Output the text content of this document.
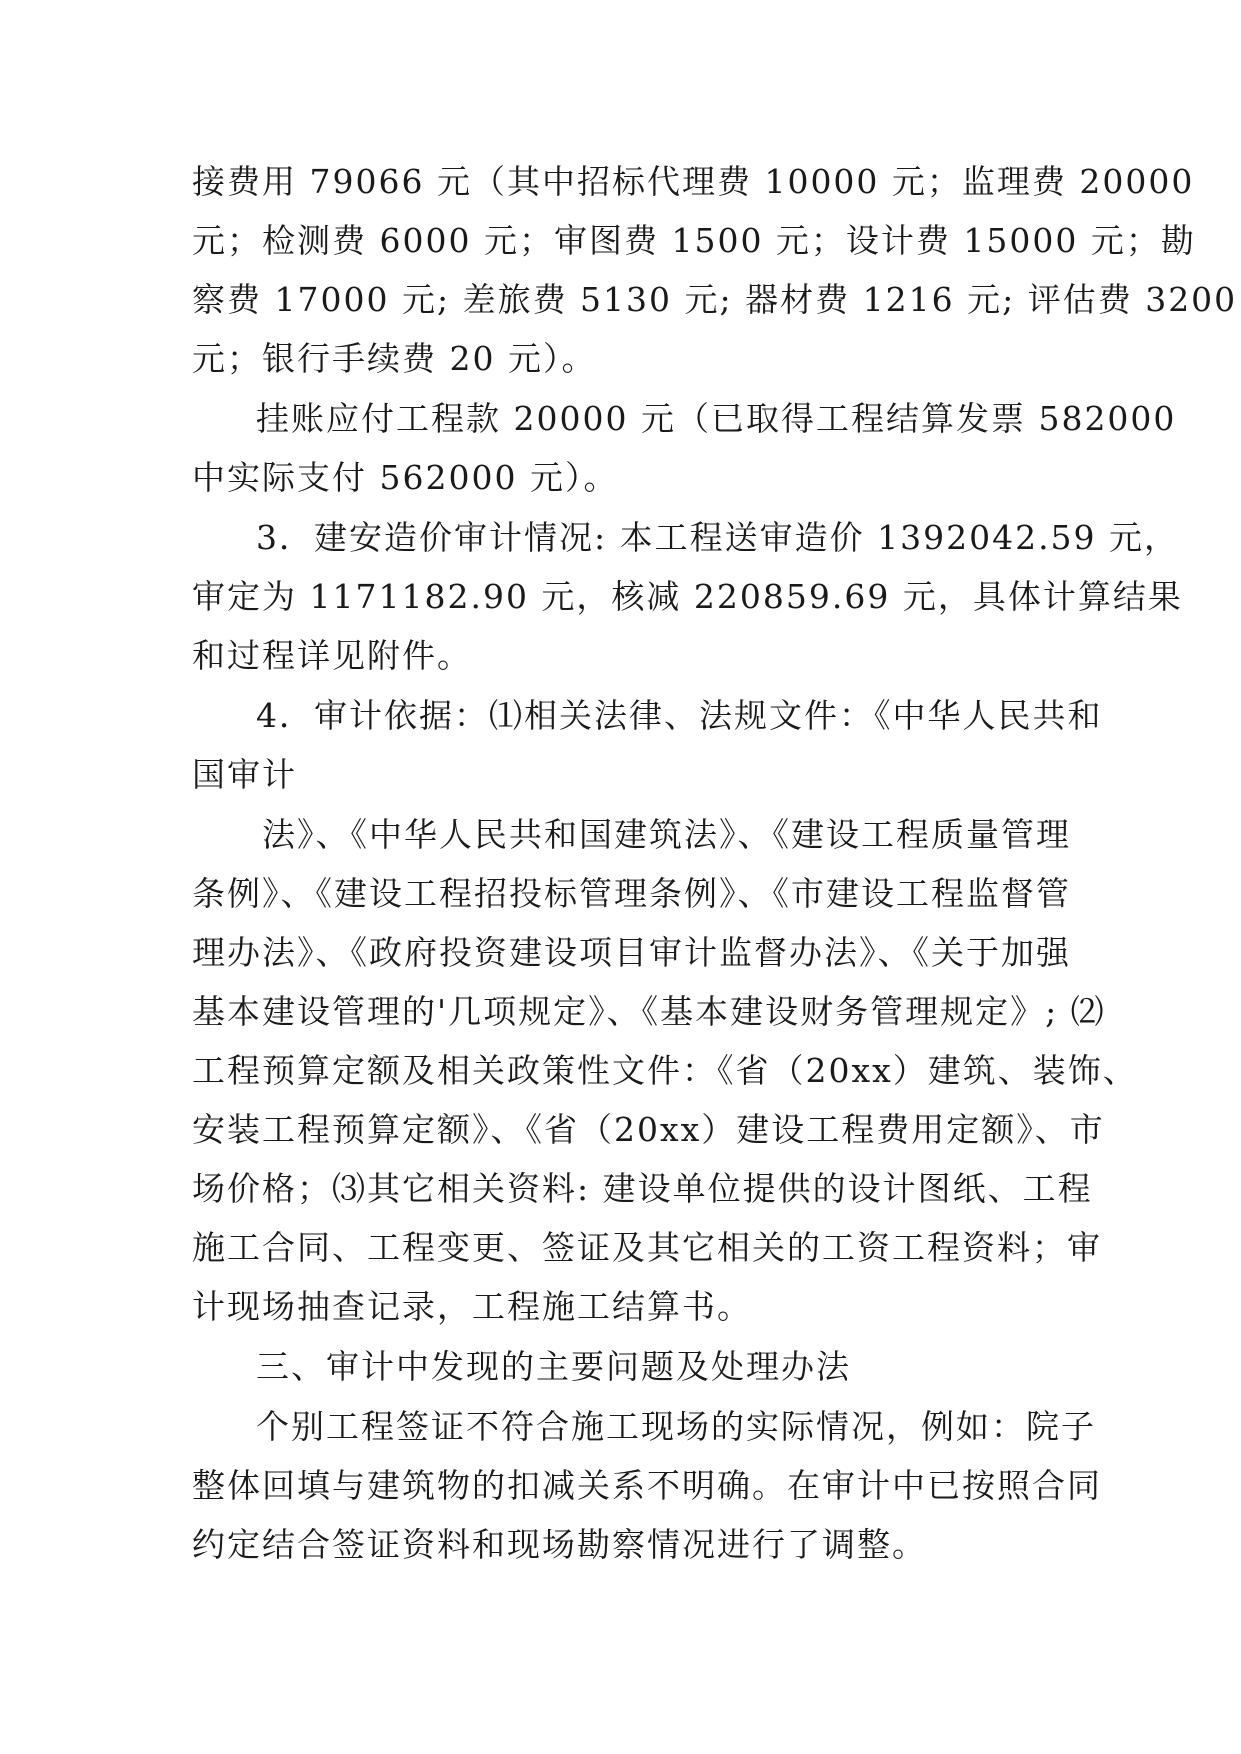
接费用 79066 元（其中招标代理费 10000 元；监理费 20000
元；检测费 6000 元；审图费 1500 元；设计费 15000 元；勘
察费 17000 元; 差旅费 5130 元; 器材费 1216 元; 评估费 3200
元；银行手续费 20 元）。
挂账应付工程款 20000 元（已取得工程结算发票 582000
中实际支付 562000 元）。
3．建安造价审计情况: 本工程送审造价 1392042.59 元，
审定为 1171182.90 元，核减 220859.69 元，具体计算结果
和过程详见附件。
4．审计依据：⑴相关法律、法规文件：《中华人民共和
国审计
法》、《中华人民共和国建筑法》、《建设工程质量管理
条例》、《建设工程招投标管理条例》、《市建设工程监督管
理办法》、《政府投资建设项目审计监督办法》、《关于加强
基本建设管理的'几项规定》、《基本建设财务管理规定》; ⑵
工程预算定额及相关政策性文件：《省（20xx）建筑、装饰、
安装工程预算定额》、《省（20xx）建设工程费用定额》、市
场价格；⑶其它相关资料: 建设单位提供的设计图纸、工程
施工合同、工程变更、签证及其它相关的工资工程资料；审
计现场抽查记录，工程施工结算书。
三、审计中发现的主要问题及处理办法
个别工程签证不符合施工现场的实际情况，例如：院子
整体回填与建筑物的扣减关系不明确。在审计中已按照合同
约定结合签证资料和现场勘察情况进行了调整。
